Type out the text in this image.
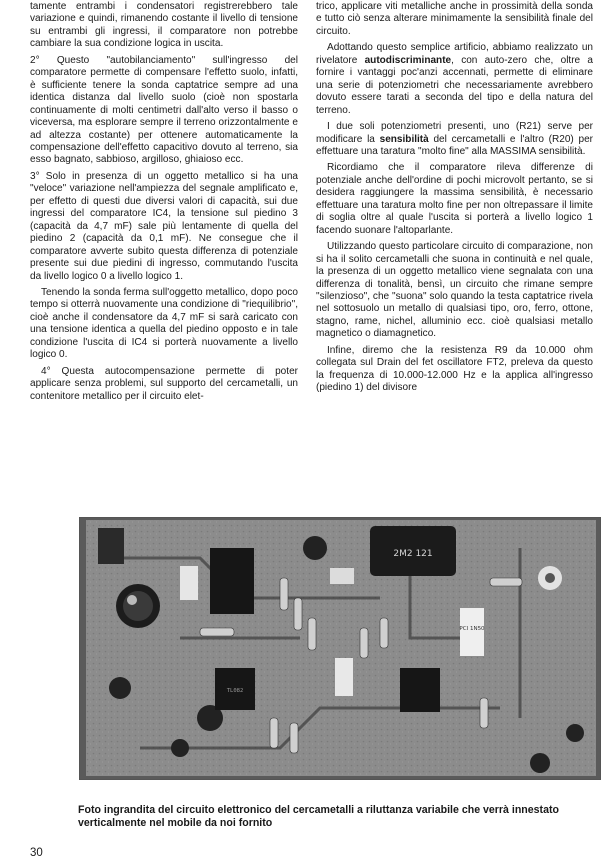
tamente entrambi i condensatori registrerebbero tale variazione e quindi, rimanendo costante il livello di tensione su entrambi gli ingressi, il comparatore non potrebbe cambiare la sua condizione logica in uscita.

2° Questo "autobilanciamento" sull'ingresso del comparatore permette di compensare l'effetto suolo, infatti, è sufficiente tenere la sonda captatrice sempre ad una identica distanza dal livello suolo (cioè non spostarla continuamente di molti centimetri dall'alto verso il basso o viceversa, ma esplorare sempre il terreno orizzontalmente e ad altezza costante) per ottenere automaticamente la compensazione dell'effetto capacitivo dovuto al terreno, sia esso bagnato, sabbioso, argilloso, ghiaioso ecc.

3° Solo in presenza di un oggetto metallico si ha una "veloce" variazione nell'ampiezza del segnale amplificato e, per effetto di questi due diversi valori di capacità, sui due ingressi del comparatore IC4, la tensione sul piedino 3 (capacità da 4,7 mF) sale più lentamente di quella del piedino 2 (capacità da 0,1 mF). Ne consegue che il comparatore avverte subito questa differenza di potenziale presente sui due piedini di ingresso, commutando l'uscita da livello logico 0 a livello logico 1.

Tenendo la sonda ferma sull'oggetto metallico, dopo poco tempo si otterrà nuovamente una condizione di "riequilibrio", cioè anche il condensatore da 4,7 mF si sarà caricato con una tensione identica a quella del piedino opposto e in tale condizione l'uscita di IC4 si porterà nuovamente a livello logico 0.

4° Questa autocompensazione permette di poter applicare senza problemi, sul supporto del cercametalli, un contenitore metallico per il circuito elet-

trico, applicare viti metalliche anche in prossimità della sonda e tutto ciò senza alterare minimamente la sensibilità finale del circuito.

Adottando questo semplice artificio, abbiamo realizzato un rivelatore autodiscriminante, con auto-zero che, oltre a fornire i vantaggi poc'anzi accennati, permette di eliminare una serie di potenziometri che necessariamente avrebbero dovuto essere tarati a seconda del tipo e della natura del terreno.

I due soli potenziometri presenti, uno (R21) serve per modificare la sensibilità del cercametalli e l'altro (R20) per effettuare una taratura "molto fine" alla MASSIMA sensibilità.

Ricordiamo che il comparatore rileva differenze di potenziale anche dell'ordine di pochi microvolt pertanto, se si desidera raggiungere la massima sensibilità, è necessario effettuare una taratura molto fine per non oltrepassare il limite di soglia oltre al quale l'uscita si porterà a livello logico 1 facendo suonare l'altoparlante.

Utilizzando questo particolare circuito di comparazione, non si ha il solito cercametalli che suona in continuità e nel quale, la presenza di un oggetto metallico viene segnalata con una differenza di tonalità, bensì, un circuito che rimane sempre "silenzioso", che "suona" solo quando la testa captatrice rivela nel sottosuolo un metallo di qualsiasi tipo, oro, ferro, ottone, stagno, rame, nichel, alluminio ecc. cioè qualsiasi metallo magnetico o diamagnetico.

Infine, diremo che la resistenza R9 da 10.000 ohm collegata sul Drain del fet oscillatore FT2, preleva da questo la frequenza di 10.000-12.000 Hz e la applica all'ingresso (piedino 1) del divisore

TL082
2M2 121
PCI 1N50
Foto ingrandita del circuito elettronico del cercametalli a riluttanza variabile che verrà innestato verticalmente nel mobile da noi fornito
30
